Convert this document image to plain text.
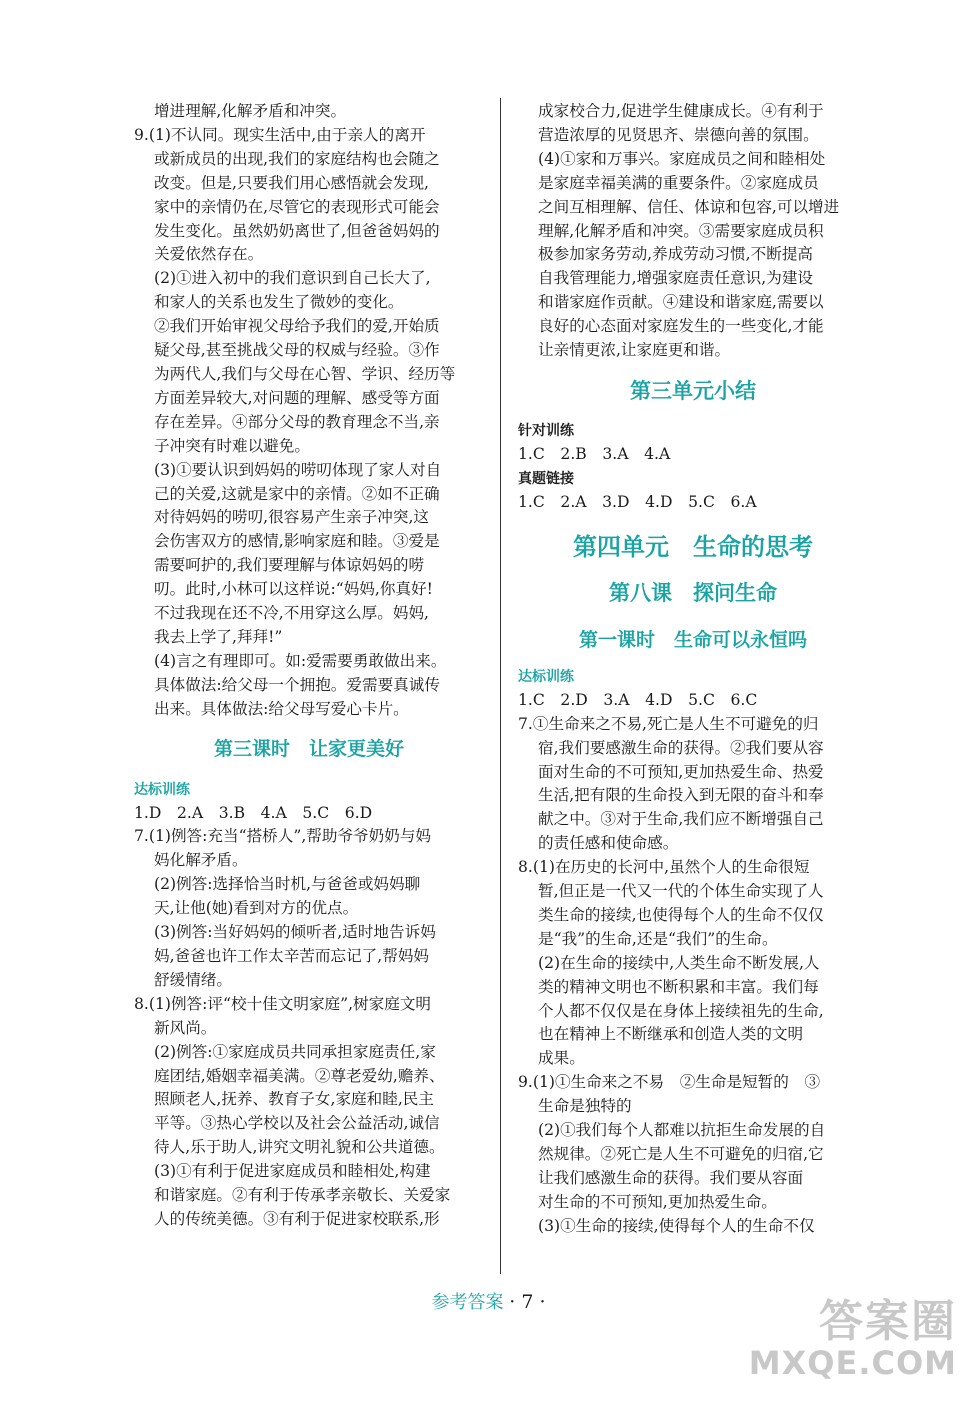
增进理解,化解矛盾和冲突。
9.(1)不认同。现实生活中,由于亲人的离开
或新成员的出现,我们的家庭结构也会随之
改变。但是,只要我们用心感悟就会发现,
家中的亲情仍在,尽管它的表现形式可能会
发生变化。虽然奶奶离世了,但爸爸妈妈的
关爱依然存在。
(2)①进入初中的我们意识到自己长大了,
和家人的关系也发生了微妙的变化。
②我们开始审视父母给予我们的爱,开始质
疑父母,甚至挑战父母的权威与经验。③作
为两代人,我们与父母在心智、学识、经历等
方面差异较大,对问题的理解、感受等方面
存在差异。④部分父母的教育理念不当,亲
子冲突有时难以避免。
(3)①要认识到妈妈的唠叨体现了家人对自
己的关爱,这就是家中的亲情。②如不正确
对待妈妈的唠叨,很容易产生亲子冲突,这
会伤害双方的感情,影响家庭和睦。③爱是
需要呵护的,我们要理解与体谅妈妈的唠
叨。此时,小林可以这样说:“妈妈,你真好!
不过我现在还不冷,不用穿这么厚。妈妈,
我去上学了,拜拜!”
(4)言之有理即可。如:爱需要勇敢做出来。
具体做法:给父母一个拥抱。爱需要真诚传
出来。具体做法:给父母写爱心卡片。
第三课时　让家更美好
达标训练
1.D　2.A　3.B　4.A　5.C　6.D
7.(1)例答:充当“搭桥人”,帮助爷爷奶奶与妈
妈化解矛盾。
(2)例答:选择恰当时机,与爸爸或妈妈聊
天,让他(她)看到对方的优点。
(3)例答:当好妈妈的倾听者,适时地告诉妈
妈,爸爸也许工作太辛苦而忘记了,帮妈妈
舒缓情绪。
8.(1)例答:评“校十佳文明家庭”,树家庭文明
新风尚。
(2)例答:①家庭成员共同承担家庭责任,家
庭团结,婚姻幸福美满。②尊老爱幼,赡养、
照顾老人,抚养、教育子女,家庭和睦,民主
平等。③热心学校以及社会公益活动,诚信
待人,乐于助人,讲究文明礼貌和公共道德。
(3)①有利于促进家庭成员和睦相处,构建
和谐家庭。②有利于传承孝亲敬长、关爱家
人的传统美德。③有利于促进家校联系,形
成家校合力,促进学生健康成长。④有利于
营造浓厚的见贤思齐、崇德向善的氛围。
(4)①家和万事兴。家庭成员之间和睦相处
是家庭幸福美满的重要条件。②家庭成员
之间互相理解、信任、体谅和包容,可以增进
理解,化解矛盾和冲突。③需要家庭成员积
极参加家务劳动,养成劳动习惯,不断提高
自我管理能力,增强家庭责任意识,为建设
和谐家庭作贡献。④建设和谐家庭,需要以
良好的心态面对家庭发生的一些变化,才能
让亲情更浓,让家庭更和谐。
第三单元小结
针对训练
1.C　2.B　3.A　4.A
真题链接
1.C　2.A　3.D　4.D　5.C　6.A
第四单元　生命的思考
第八课　探问生命
第一课时　生命可以永恒吗
达标训练
1.C　2.D　3.A　4.D　5.C　6.C
7.①生命来之不易,死亡是人生不可避免的归
宿,我们要感激生命的获得。②我们要从容
面对生命的不可预知,更加热爱生命、热爱
生活,把有限的生命投入到无限的奋斗和奉
献之中。③对于生命,我们应不断增强自己
的责任感和使命感。
8.(1)在历史的长河中,虽然个人的生命很短
暂,但正是一代又一代的个体生命实现了人
类生命的接续,也使得每个人的生命不仅仅
是“我”的生命,还是“我们”的生命。
(2)在生命的接续中,人类生命不断发展,人
类的精神文明也不断积累和丰富。我们每
个人都不仅仅是在身体上接续祖先的生命,
也在精神上不断继承和创造人类的文明
成果。
9.(1)①生命来之不易　②生命是短暂的　③
生命是独特的
(2)①我们每个人都难以抗拒生命发展的自
然规律。②死亡是人生不可避免的归宿,它
让我们感激生命的获得。我们要从容面
对生命的不可预知,更加热爱生命。
(3)①生命的接续,使得每个人的生命不仅
参考答案 · 7 ·	答案圈
MXQE.COM
